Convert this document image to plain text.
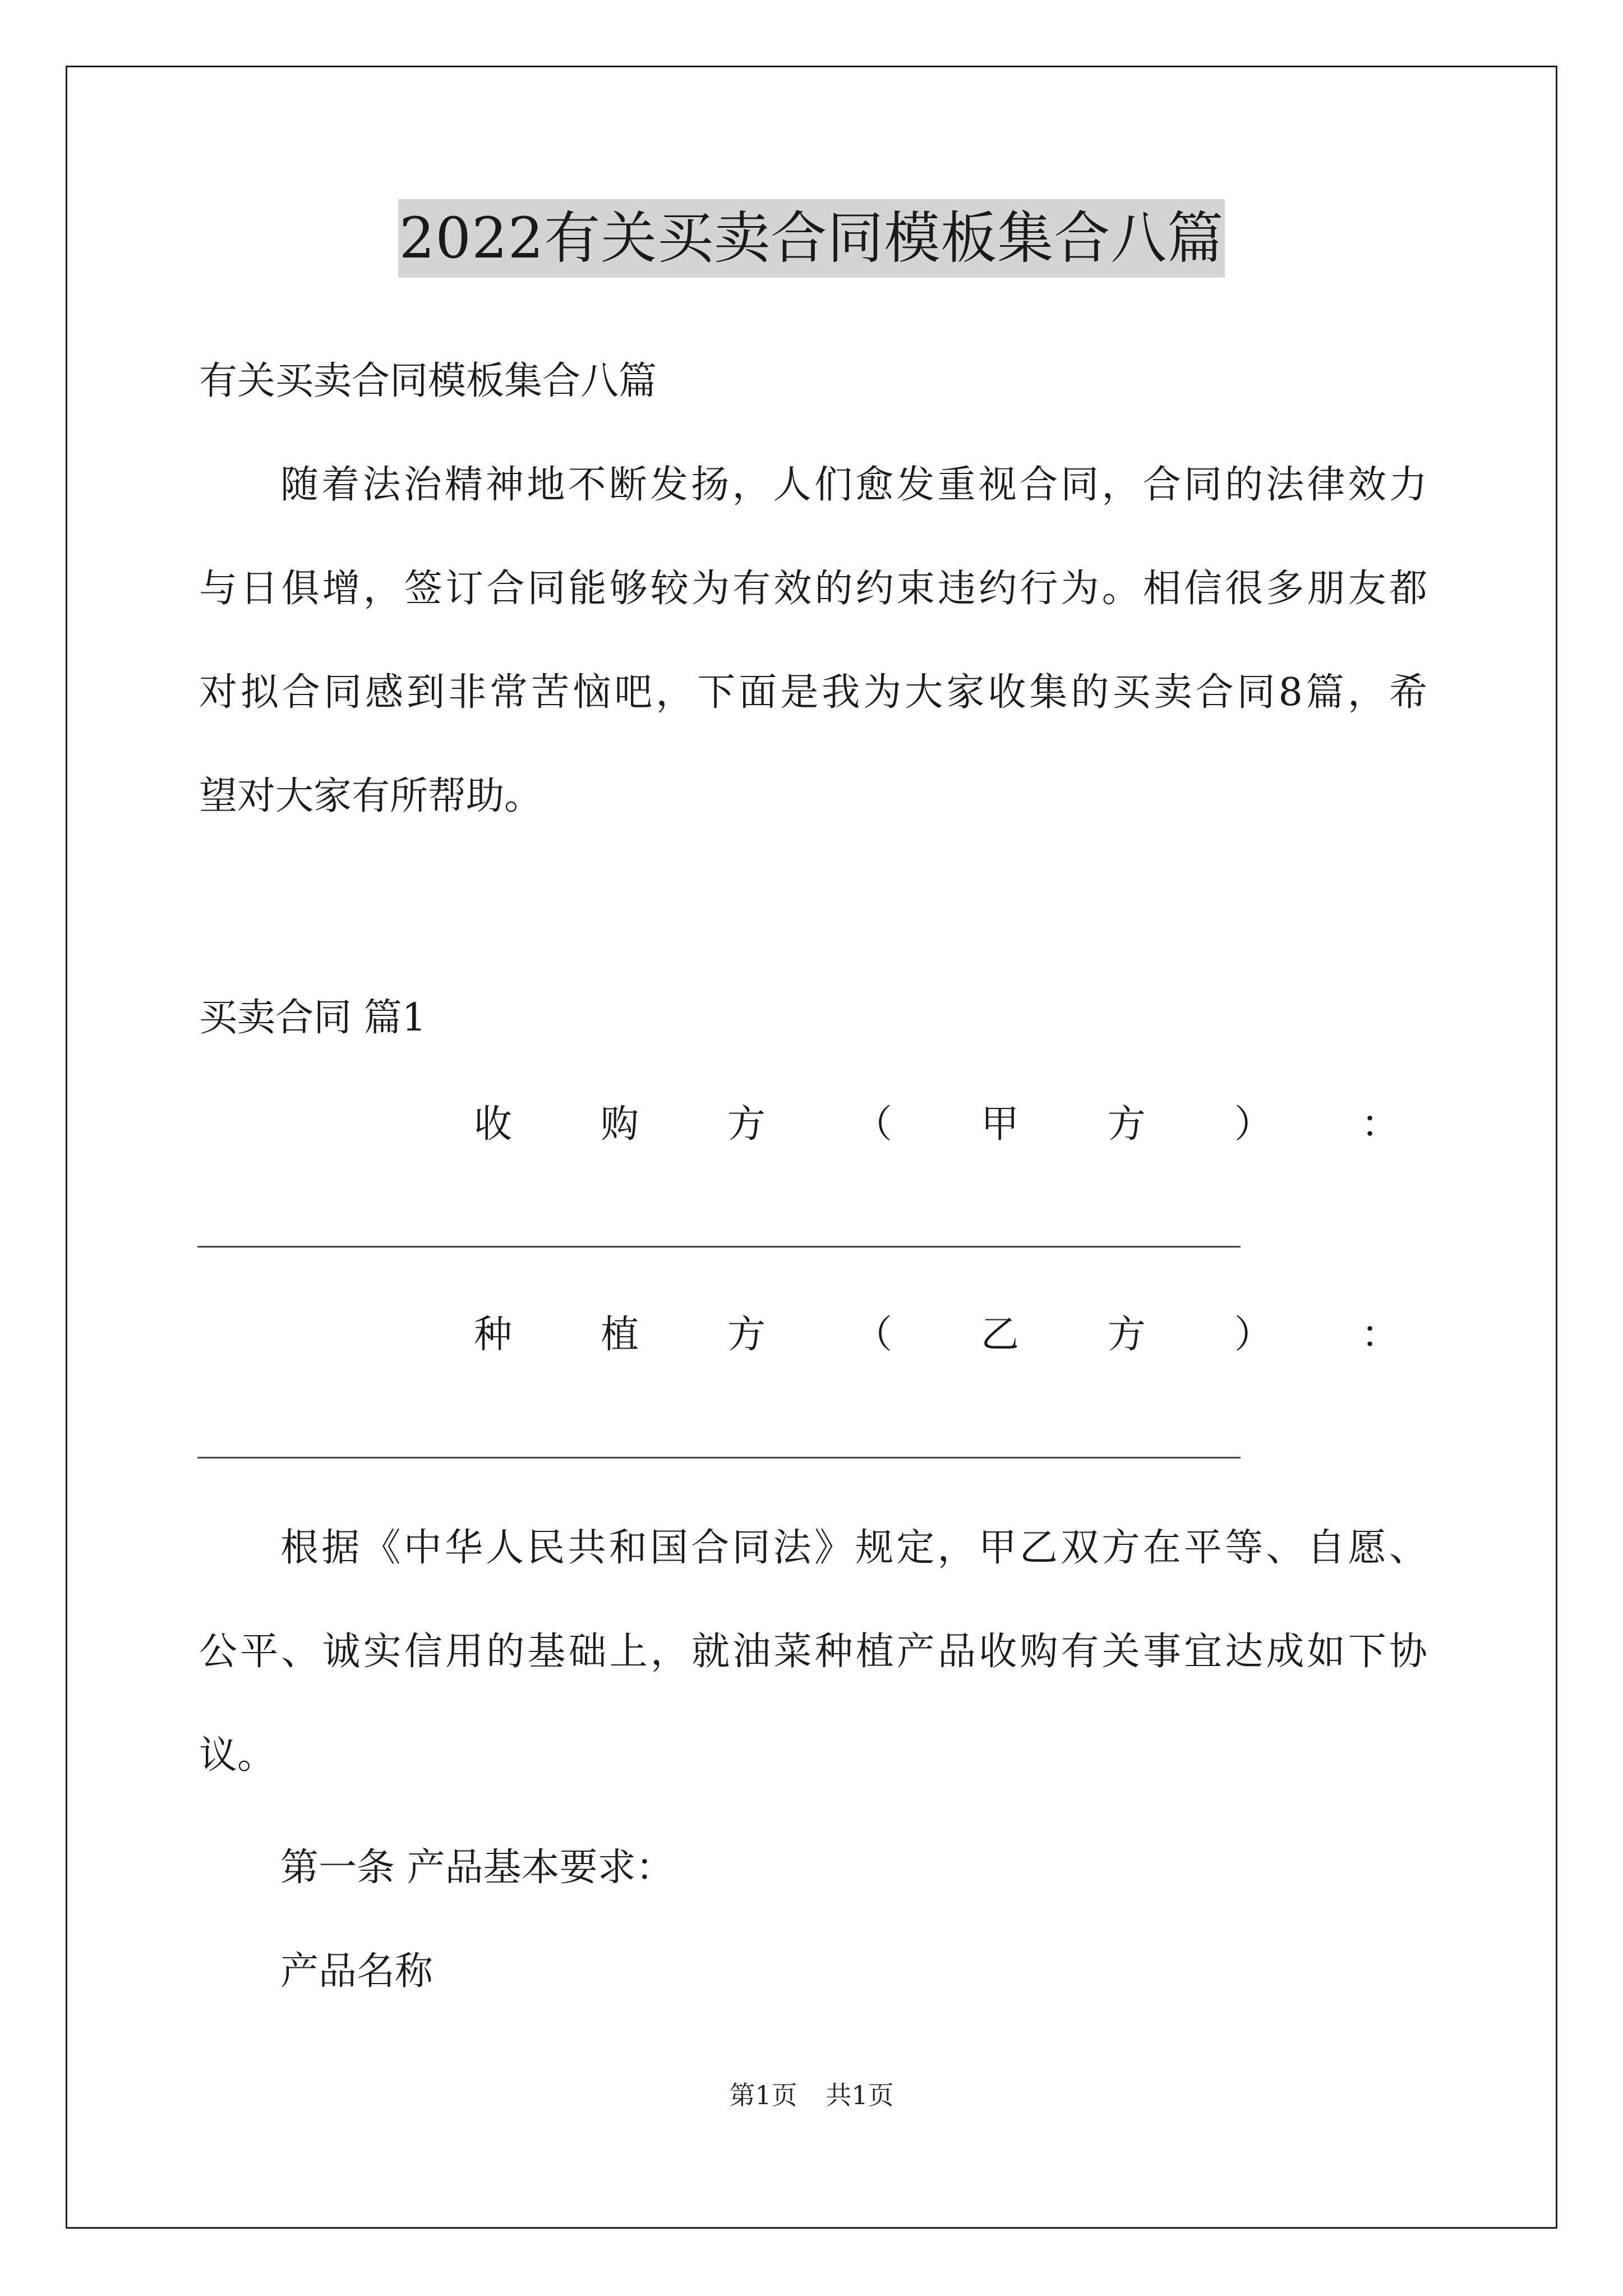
2022有关买卖合同模板集合八篇
有关买卖合同模板集合八篇
随着法治精神地不断发扬，人们愈发重视合同，合同的法律效力
与日俱增，签订合同能够较为有效的约束违约行为。相信很多朋友都
对拟合同感到非常苦恼吧，下面是我为大家收集的买卖合同8篇，希
望对大家有所帮助。
买卖合同 篇1
收 购 方 （ 甲 方 ） ：
种 植 方 （ 乙 方 ） ：
根据《中华人民共和国合同法》规定，甲乙双方在平等、自愿、
公平、诚实信用的基础上，就油菜种植产品收购有关事宜达成如下协
议。
第一条 产品基本要求：
产品名称
第1页 共1页
